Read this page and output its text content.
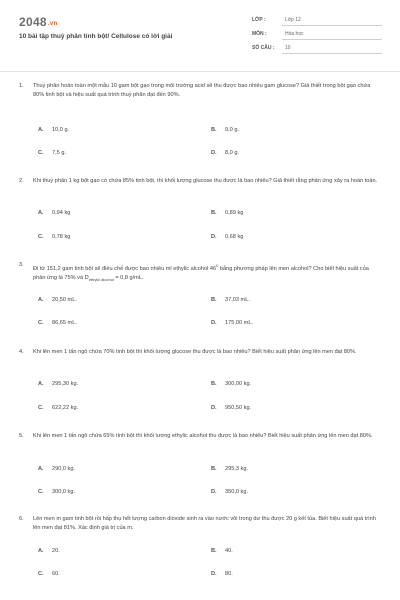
2048.vn
10 bài tập thuỷ phân tinh bột/ Cellulose có lời giải
LỚP :	Lớp 12
MÔN :	Hóa học
SỐ CÂU : 10
1.	Thuỷ phân hoàn toàn một mẫu 10 gam bột gạo trong môi trường acid sẽ thu được bao nhiêu gam glucose? Giả thiết trong bột gạo chứa 80% tinh bột và hiệu suất quá trình thuỷ phân đạt đến 90%.
A. 10,0 g.	B. 9,0 g.
C. 7,5 g.	D. 8,0 g.
2.	Khi thuỷ phân 1 kg bột gạo có chứa 85% tinh bột, thì khối lượng glucose thu được là bao nhiêu? Giả thiết rằng phản ứng xảy ra hoàn toàn.
A. 0,94 kg	B. 0,89 kg
C. 0,78 kg	D. 0,68 kg
3.
Đi từ 151,2 gam tinh bột sẽ điều chế được bao nhiêu ml ethylic alcohol $46^0$ bằng phương pháp lên men alcohol? Cho biết hiệu suất của phản ứng là 75% và $D_{ethylic alcohol} = 0,8$ g/mL.
A. 20,50 mL.	B. 37,03 mL.
C. 86,65 mL.	D. 175,00 mL.
4.	Khi lên men 1 tấn ngô chứa 70% tinh bột thì khối lượng glucose thu được là bao nhiêu? Biết hiệu suất phản ứng lên men đạt 80%.
A. 295,30 kg.	B. 300,00 kg.
C. 622,22 kg.	D. 950,50 kg.
5.	Khi lên men 1 tấn ngô chứa 65% tinh bột thì khối lượng ethylic alcohol thu được là bao nhiêu? Biết hiệu suất phản ứng lên men đạt 80%.
A. 290,0 kg.	B. 295,3 kg.
C. 300,0 kg.	D. 350,0 kg.
6.	Lên men m gam tinh bột rồi hấp thụ hết lượng carbon dioxide sinh ra vào nước vôi trong dư thu được 20 g kết tủa. Biết hiệu suất quá trình lên men đạt 81%. Xác định giá trị của m.
A. 20.	B. 40.
C. 60.	D. 80.
